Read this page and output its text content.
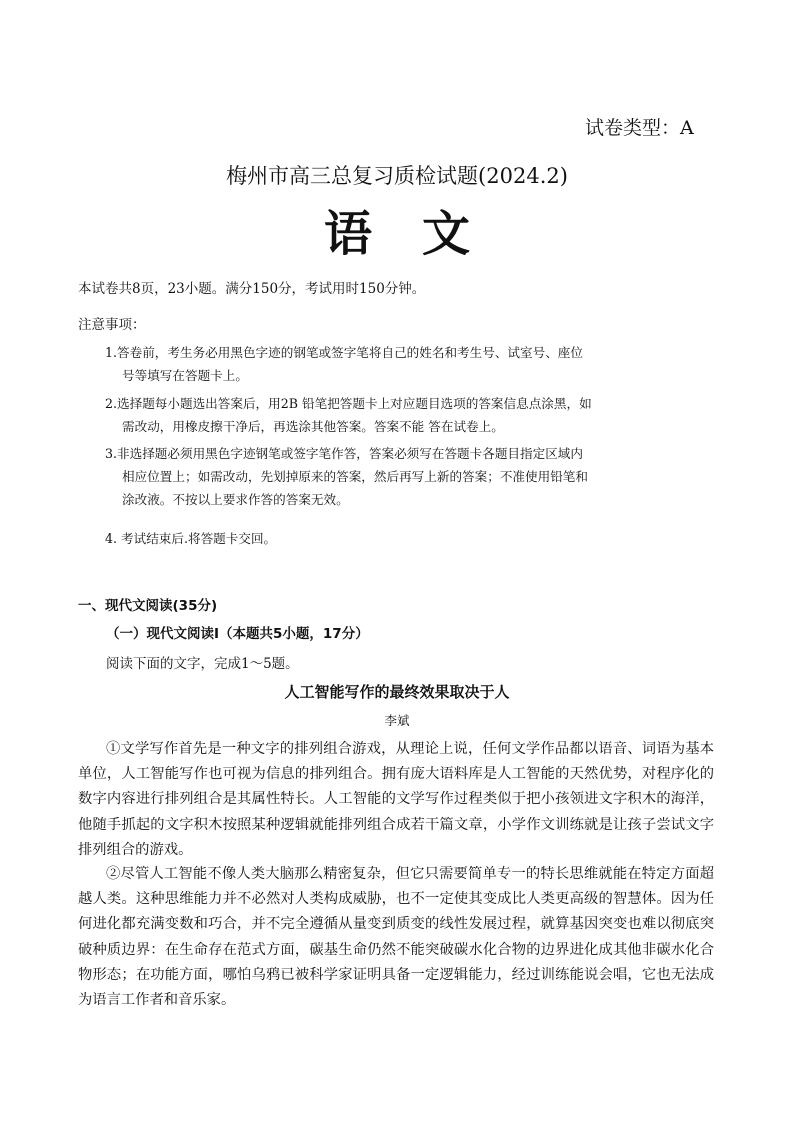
试卷类型：A
梅州市高三总复习质检试题(2024.2)
语文
本试卷共8页，23小题。满分150分，考试用时150分钟。
注意事项：
1.答卷前，考生务必用黑色字迹的钢笔或签字笔将自己的姓名和考生号、试室号、座位

号等填写在答题卡上。
2.选择题每小题选出答案后，用2B 铅笔把答题卡上对应题目选项的答案信息点涂黑，如

需改动，用橡皮擦干净后，再选涂其他答案。答案不能 答在试卷上。
3.非选择题必须用黑色字迹钢笔或签字笔作答，答案必须写在答题卡各题目指定区域内

相应位置上；如需改动，先划掉原来的答案，然后再写上新的答案；不准使用铅笔和
涂改液。不按以上要求作答的答案无效。
4. 考试结束后.将答题卡交回。
一、现代文阅读(35分)
（一）现代文阅读I（本题共5小题，17分）
阅读下面的文字，完成1～5题。
人工智能写作的最终效果取决于人
李斌
①文学写作首先是一种文字的排列组合游戏，从理论上说，任何文学作品都以语音、词语为基本单位，人工智能写作也可视为信息的排列组合。拥有庞大语料库是人工智能的天然优势，对程序化的数字内容进行排列组合是其属性特长。人工智能的文学写作过程类似于把小孩领进文字积木的海洋，他随手抓起的文字积木按照某种逻辑就能排列组合成若干篇文章，小学作文训练就是让孩子尝试文字排列组合的游戏。
②尽管人工智能不像人类大脑那么精密复杂，但它只需要简单专一的特长思维就能在特定方面超越人类。这种思维能力并不必然对人类构成威胁，也不一定使其变成比人类更高级的智慧体。因为任何进化都充满变数和巧合，并不完全遵循从量变到质变的线性发展过程，就算基因突变也难以彻底突破种质边界：在生命存在范式方面，碳基生命仍然不能突破碳水化合物的边界进化成其他非碳水化合物形态；在功能方面，哪怕乌鸦已被科学家证明具备一定逻辑能力，经过训练能说会唱，它也无法成为语言工作者和音乐家。
